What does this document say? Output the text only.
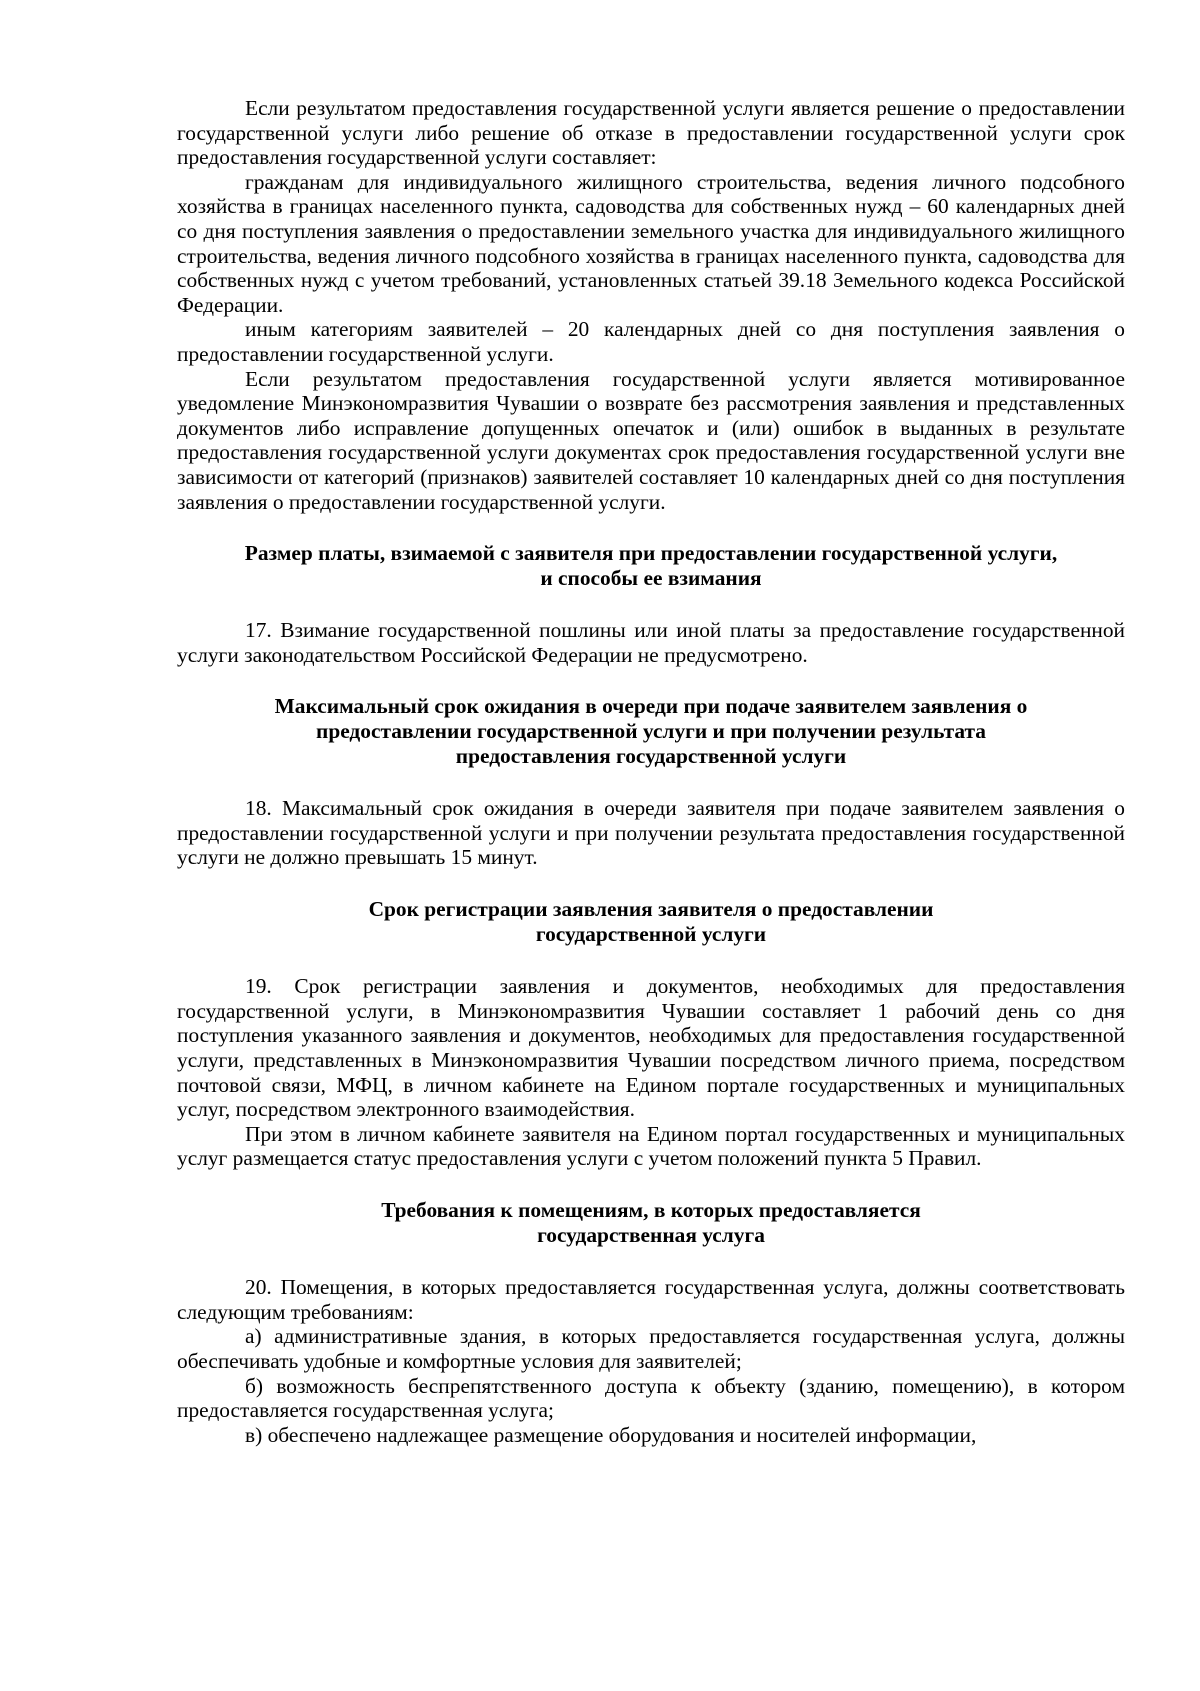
Если результатом предоставления государственной услуги является решение о предоставлении государственной услуги либо решение об отказе в предоставлении государственной услуги срок предоставления государственной услуги составляет:

гражданам для индивидуального жилищного строительства, ведения личного подсобного хозяйства в границах населенного пункта, садоводства для собственных нужд – 60 календарных дней со дня поступления заявления о предоставлении земельного участка для индивидуального жилищного строительства, ведения личного подсобного хозяйства в границах населенного пункта, садоводства для собственных нужд с учетом требований, установленных статьей 39.18 Земельного кодекса Российской Федерации.

иным категориям заявителей – 20 календарных дней со дня поступления заявления о предоставлении государственной услуги.

Если результатом предоставления государственной услуги является мотивированное уведомление Минэкономразвития Чувашии о возврате без рассмотрения заявления и представленных документов либо исправление допущенных опечаток и (или) ошибок в выданных в результате предоставления государственной услуги документах срок предоставления государственной услуги вне зависимости от категорий (признаков) заявителей составляет 10 календарных дней со дня поступления заявления о предоставлении государственной услуги.

Размер платы, взимаемой с заявителя при предоставлении государственной услуги,
и способы ее взимания

17. Взимание государственной пошлины или иной платы за предоставление государственной услуги законодательством Российской Федерации не предусмотрено.

Максимальный срок ожидания в очереди при подаче заявителем заявления о
предоставлении государственной услуги и при получении результата
предоставления государственной услуги

18. Максимальный срок ожидания в очереди заявителя при подаче заявителем заявления о предоставлении государственной услуги и при получении результата предоставления государственной услуги не должно превышать 15 минут.

Срок регистрации заявления заявителя о предоставлении
государственной услуги

19. Срок регистрации заявления и документов, необходимых для предоставления государственной услуги, в Минэкономразвития Чувашии составляет 1 рабочий день со дня поступления указанного заявления и документов, необходимых для предоставления государственной услуги, представленных в Минэкономразвития Чувашии посредством личного приема, посредством почтовой связи, МФЦ, в личном кабинете на Едином портале государственных и муниципальных услуг, посредством электронного взаимодействия.

При этом в личном кабинете заявителя на Едином портал государственных и муниципальных услуг размещается статус предоставления услуги с учетом положений пункта 5 Правил.

Требования к помещениям, в которых предоставляется
государственная услуга

20. Помещения, в которых предоставляется государственная услуга, должны соответствовать следующим требованиям:

а) административные здания, в которых предоставляется государственная услуга, должны обеспечивать удобные и комфортные условия для заявителей;

б) возможность беспрепятственного доступа к объекту (зданию, помещению), в котором предоставляется государственная услуга;

в) обеспечено надлежащее размещение оборудования и носителей информации,
